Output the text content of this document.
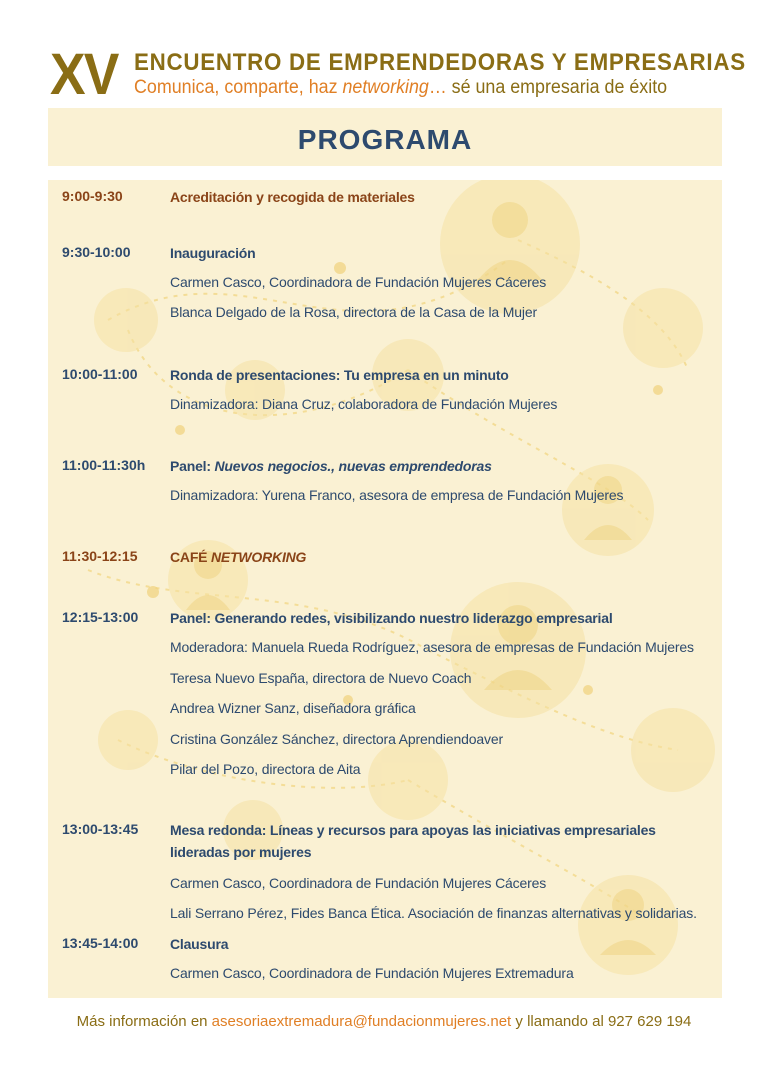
XV ENCUENTRO DE EMPRENDEDORAS Y EMPRESARIAS
Comunica, comparte, haz networking… sé una empresaria de éxito
PROGRAMA
9:00-9:30	Acreditación y recogida de materiales
9:30-10:00	Inauguración
Carmen Casco, Coordinadora de Fundación Mujeres Cáceres
Blanca Delgado de la Rosa, directora de la Casa de la Mujer
10:00-11:00 Ronda de presentaciones: Tu empresa en un minuto
Dinamizadora: Diana Cruz, colaboradora de Fundación Mujeres
11:00-11:30h Panel: Nuevos negocios., nuevas emprendedoras
Dinamizadora: Yurena Franco, asesora de empresa de Fundación Mujeres
11:30-12:15 CAFÉ NETWORKING
12:15-13:00 Panel: Generando redes, visibilizando nuestro liderazgo empresarial
Moderadora: Manuela Rueda Rodríguez, asesora de empresas de Fundación Mujeres
Teresa Nuevo España, directora de Nuevo Coach
Andrea Wizner Sanz, diseñadora gráfica
Cristina González Sánchez, directora Aprendiendoaver
Pilar del Pozo, directora de Aita
13:00-13:45 Mesa redonda: Líneas y recursos para apoyas las iniciativas empresariales lideradas por mujeres
Carmen Casco, Coordinadora de Fundación Mujeres Cáceres
Lali Serrano Pérez, Fides Banca Ética. Asociación de finanzas alternativas y solidarias.
13:45-14:00 Clausura
Carmen Casco, Coordinadora de Fundación Mujeres Extremadura
Más información en asesoriaextremadura@fundacionmujeres.net y llamando al 927 629 194
